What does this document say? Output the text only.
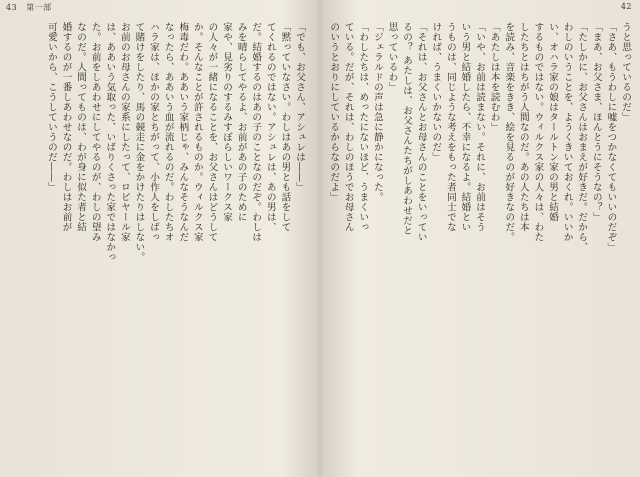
43 第一部
「でも、お父さん、アシュレは――」
「黙っていなさい。わしはあの男とも話をして
てくれるのではない。アシュレは、あの男は、
だ。結婚するのはあの子のことなのだぞ。わしは
みを晴らしてやるよ、お前があの子のために
家や、見劣りのするみすぼらしいワークス家
の人々が一緒になることを、お父さんはどうして
か。そんなことが許されるものか。ウィルクス家
梅毒だわ。ああいう家柄じゃ、みんなそうなんだ
なったら、ああいう血が流れるのだ。わしたちオ
ハラ家は、ほかの家とちがって、小作人をしばっ
て賭けをしたり、馬の競走に金をかけたりはしない。
お前のお母さんの家系にしたって、ロビヤール家
は、ああいう気取った、いばりくさった家ではなかっ
た。お前をしあわせにしてやるのが、わしの望み
なのだ。人間ってものは、わが身に似た者と結
婚するのが一番しあわせなのだ。わしはお前が
可愛いから、こうしていうのだ――」
42
うと思っているのだ」
「さあ、もうわしに嘘をつかなくてもいいのだぞ」
「まあ、お父さま、ほんとうにそうなの？」
「たしかに、お父さんはおまえが好きだ。だから、
わしのいうことを、ようくきいておくれ。いいか
い、オハラ家の娘はタールトン家の男と結婚
するものではない。ウィルクス家の人々は、わた
したちとはちがう人間なのだ。あの人たちは本
を読み、音楽をきき、絵を見るのが好きなのだ。
「あたしは本を読むわ」
「いや、お前は読まない。それに、お前はそう
いう男と結婚したら、不幸になるよ。結婚とい
うものは、同じような考えをもった者同士でな
ければ、うまくいかないのだ」
「それは、お父さんとお母さんのことをいってい
るの？ あたしは、お父さんたちがしあわせだと
思っているわ」
「ジェラルドの声は急に静かになった。
「わしたちは、めったにないほど、うまくいっ
ている。だが、それは、わしのほうでお母さん
のいうとおりにしているからなのだよ」
